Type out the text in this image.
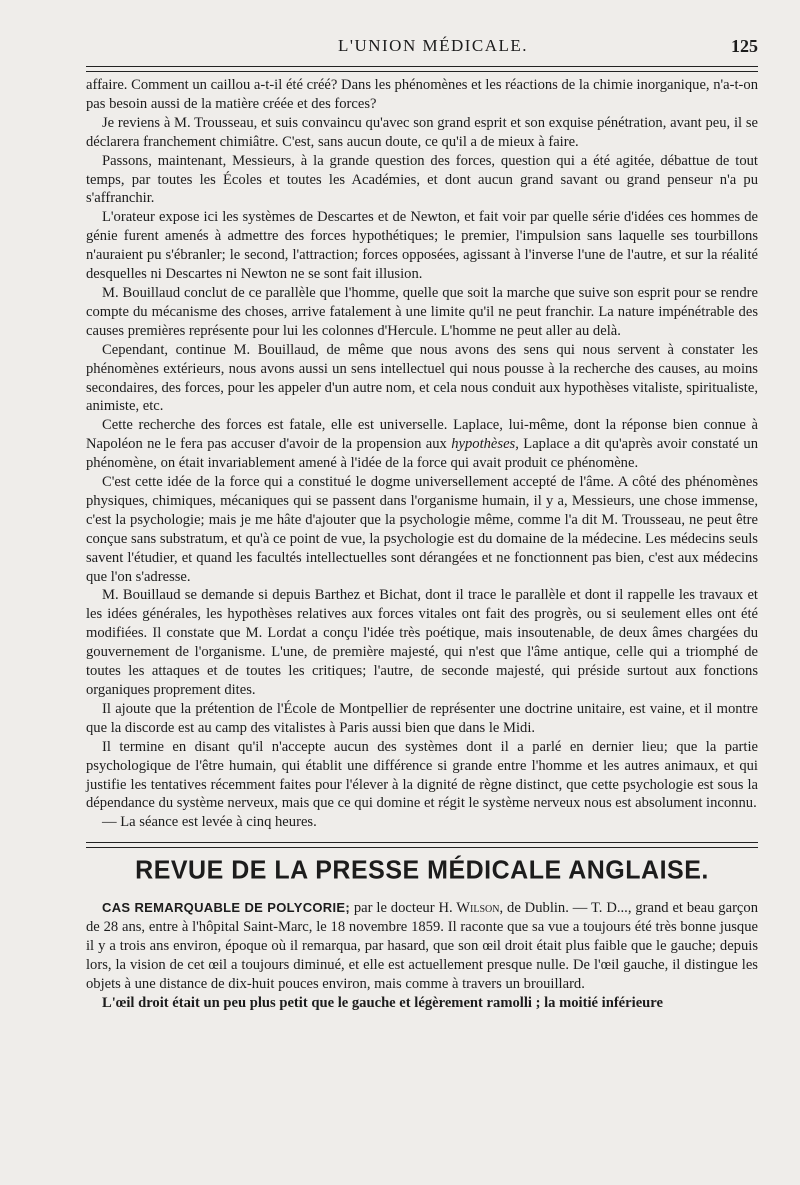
L'UNION MÉDICALE.	125

affaire. Comment un caillou a-t-il été créé? Dans les phénomènes et les réactions de la chimie inorganique, n'a-t-on pas besoin aussi de la matière créée et des forces?

Je reviens à M. Trousseau, et suis convaincu qu'avec son grand esprit et son exquise pénétration, avant peu, il se déclarera franchement chimiâtre. C'est, sans aucun doute, ce qu'il a de mieux à faire.

Passons, maintenant, Messieurs, à la grande question des forces, question qui a été agitée, débattue de tout temps, par toutes les Écoles et toutes les Académies, et dont aucun grand savant ou grand penseur n'a pu s'affranchir.

L'orateur expose ici les systèmes de Descartes et de Newton, et fait voir par quelle série d'idées ces hommes de génie furent amenés à admettre des forces hypothétiques; le premier, l'impulsion sans laquelle ses tourbillons n'auraient pu s'ébranler; le second, l'attraction; forces opposées, agissant à l'inverse l'une de l'autre, et sur la réalité desquelles ni Descartes ni Newton ne se sont fait illusion.

M. Bouillaud conclut de ce parallèle que l'homme, quelle que soit la marche que suive son esprit pour se rendre compte du mécanisme des choses, arrive fatalement à une limite qu'il ne peut franchir. La nature impénétrable des causes premières représente pour lui les colonnes d'Hercule. L'homme ne peut aller au delà.

Cependant, continue M. Bouillaud, de même que nous avons des sens qui nous servent à constater les phénomènes extérieurs, nous avons aussi un sens intellectuel qui nous pousse à la recherche des causes, au moins secondaires, des forces, pour les appeler d'un autre nom, et cela nous conduit aux hypothèses vitaliste, spiritualiste, animiste, etc.

Cette recherche des forces est fatale, elle est universelle. Laplace, lui-même, dont la réponse bien connue à Napoléon ne le fera pas accuser d'avoir de la propension aux hypothèses, Laplace a dit qu'après avoir constaté un phénomène, on était invariablement amené à l'idée de la force qui avait produit ce phénomène.

C'est cette idée de la force qui a constitué le dogme universellement accepté de l'âme. A côté des phénomènes physiques, chimiques, mécaniques qui se passent dans l'organisme humain, il y a, Messieurs, une chose immense, c'est la psychologie; mais je me hâte d'ajouter que la psychologie même, comme l'a dit M. Trousseau, ne peut être conçue sans substratum, et qu'à ce point de vue, la psychologie est du domaine de la médecine. Les médecins seuls savent l'étudier, et quand les facultés intellectuelles sont dérangées et ne fonctionnent pas bien, c'est aux médecins que l'on s'adresse.

M. Bouillaud se demande si depuis Barthez et Bichat, dont il trace le parallèle et dont il rappelle les travaux et les idées générales, les hypothèses relatives aux forces vitales ont fait des progrès, ou si seulement elles ont été modifiées. Il constate que M. Lordat a conçu l'idée très poétique, mais insoutenable, de deux âmes chargées du gouvernement de l'organisme. L'une, de première majesté, qui n'est que l'âme antique, celle qui a triomphé de toutes les attaques et de toutes les critiques; l'autre, de seconde majesté, qui préside surtout aux fonctions organiques proprement dites.

Il ajoute que la prétention de l'École de Montpellier de représenter une doctrine unitaire, est vaine, et il montre que la discorde est au camp des vitalistes à Paris aussi bien que dans le Midi.

Il termine en disant qu'il n'accepte aucun des systèmes dont il a parlé en dernier lieu; que la partie psychologique de l'être humain, qui établit une différence si grande entre l'homme et les autres animaux, et qui justifie les tentatives récemment faites pour l'élever à la dignité de règne distinct, que cette psychologie est sous la dépendance du système nerveux, mais que ce qui domine et régit le système nerveux nous est absolument inconnu.

— La séance est levée à cinq heures.

REVUE DE LA PRESSE MÉDICALE ANGLAISE.

CAS REMARQUABLE DE POLYCORIE; par le docteur H. Wilson, de Dublin. — T. D..., grand et beau garçon de 28 ans, entre à l'hôpital Saint-Marc, le 18 novembre 1859. Il raconte que sa vue a toujours été très bonne jusque il y a trois ans environ, époque où il remarqua, par hasard, que son œil droit était plus faible que le gauche; depuis lors, la vision de cet œil a toujours diminué, et elle est actuellement presque nulle. De l'œil gauche, il distingue les objets à une distance de dix-huit pouces environ, mais comme à travers un brouillard.

L'œil droit était un peu plus petit que le gauche et légèrement ramolli ; la moitié inférieure
